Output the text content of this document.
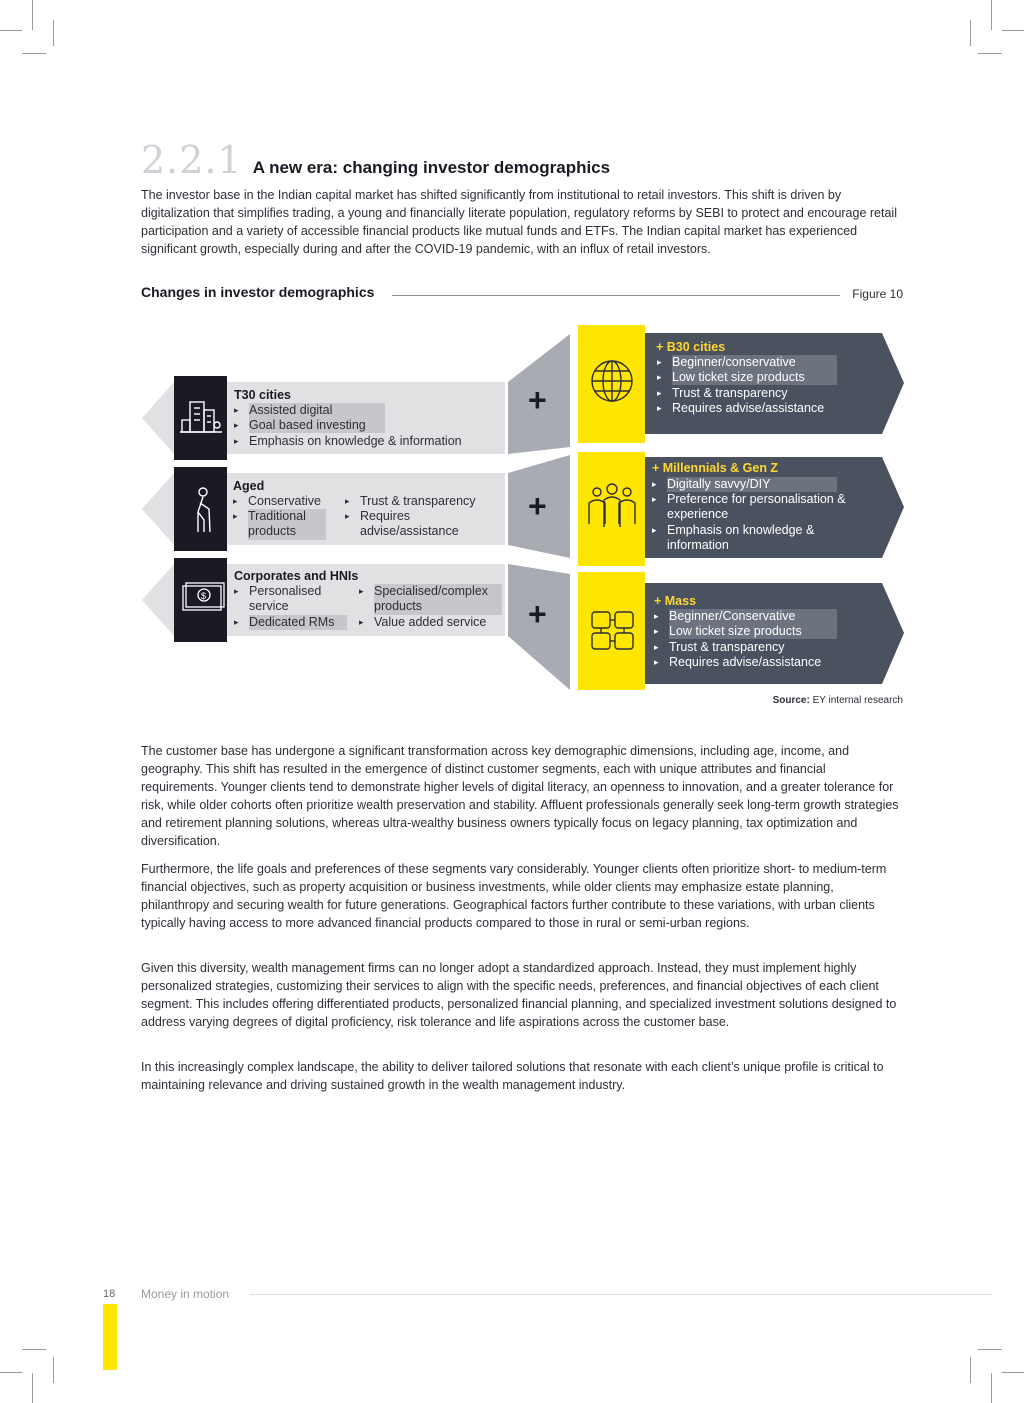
2.2.1 A new era: changing investor demographics

The investor base in the Indian capital market has shifted significantly from institutional to retail investors. This shift is driven by digitalization that simplifies trading, a young and financially literate population, regulatory reforms by SEBI to protect and encourage retail participation and a variety of accessible financial products like mutual funds and ETFs. The Indian capital market has experienced significant growth, especially during and after the COVID-19 pandemic, with an influx of retail investors.

Changes in investor demographics	Figure 10
$
T30 cities
▸ Assisted digital
▸ Goal based investing
▸ Emphasis on knowledge & information
Aged
▸ Conservative
▸ Traditional products
▸ Trust & transparency
▸ Requires advise/assistance
Corporates and HNIs
▸ Personalised service
▸ Dedicated RMs
▸ Specialised/complex products
▸ Value added service
+
+
+
+ B30 cities
▸ Beginner/conservative
▸ Low ticket size products
▸ Trust & transparency
▸ Requires advise/assistance
+ Millennials & Gen Z
▸ Digitally savvy/DIY
▸ Preference for personalisation & experience
▸ Emphasis on knowledge & information
+ Mass
▸ Beginner/Conservative
▸ Low ticket size products
▸ Trust & transparency
▸ Requires advise/assistance
Source: EY internal research

The customer base has undergone a significant transformation across key demographic dimensions, including age, income, and geography. This shift has resulted in the emergence of distinct customer segments, each with unique attributes and financial requirements. Younger clients tend to demonstrate higher levels of digital literacy, an openness to innovation, and a greater tolerance for risk, while older cohorts often prioritize wealth preservation and stability. Affluent professionals generally seek long-term growth strategies and retirement planning solutions, whereas ultra-wealthy business owners typically focus on legacy planning, tax optimization and diversification.

Furthermore, the life goals and preferences of these segments vary considerably. Younger clients often prioritize short- to medium-term financial objectives, such as property acquisition or business investments, while older clients may emphasize estate planning, philanthropy and securing wealth for future generations. Geographical factors further contribute to these variations, with urban clients typically having access to more advanced financial products compared to those in rural or semi-urban regions.

Given this diversity, wealth management firms can no longer adopt a standardized approach. Instead, they must implement highly personalized strategies, customizing their services to align with the specific needs, preferences, and financial objectives of each client segment. This includes offering differentiated products, personalized financial planning, and specialized investment solutions designed to address varying degrees of digital proficiency, risk tolerance and life aspirations across the customer base.

In this increasingly complex landscape, the ability to deliver tailored solutions that resonate with each client’s unique profile is critical to maintaining relevance and driving sustained growth in the wealth management industry.

18 Money in motion
